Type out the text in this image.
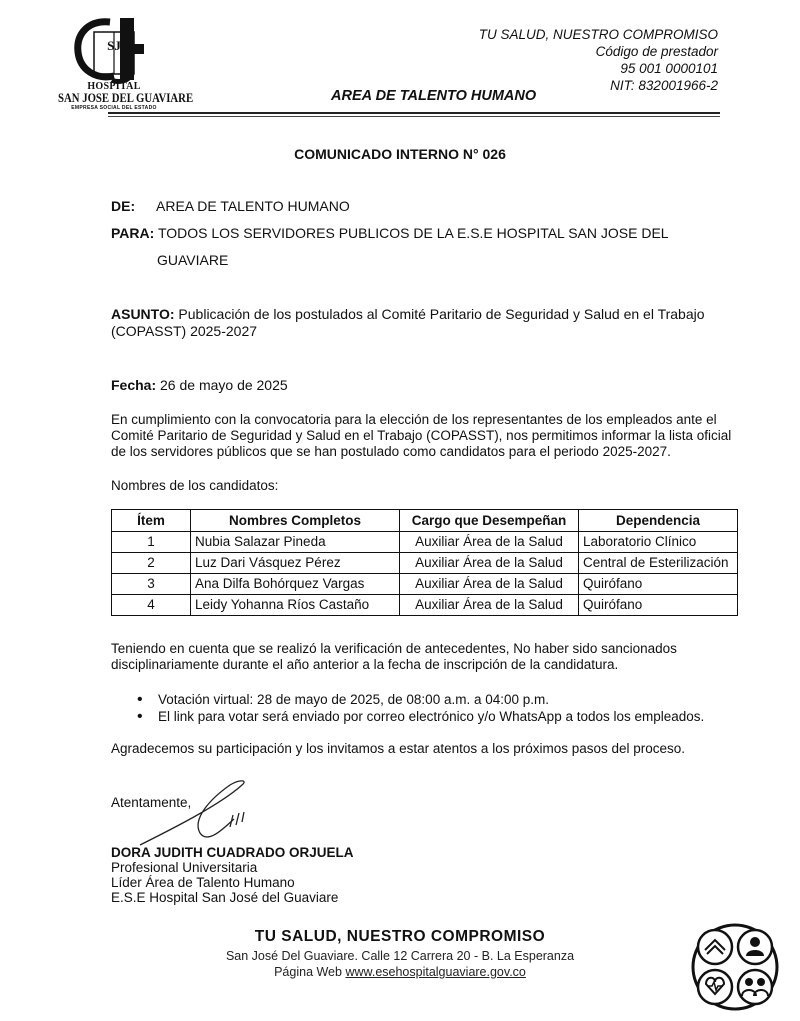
SJ
HOSPITAL
SAN JOSE DEL GUAVIARE
EMPRESA SOCIAL DEL ESTADO
TU SALUD, NUESTRO COMPROMISO
Código de prestador
95 001 0000101
NIT: 832001966-2
AREA DE TALENTO HUMANO
COMUNICADO INTERNO N° 026
DE: AREA DE TALENTO HUMANO
PARA: TODOS LOS SERVIDORES PUBLICOS DE LA E.S.E HOSPITAL SAN JOSE DEL
GUAVIARE
ASUNTO: Publicación de los postulados al Comité Paritario de Seguridad y Salud en el Trabajo
(COPASST) 2025-2027
Fecha: 26 de mayo de 2025
En cumplimiento con la convocatoria para la elección de los representantes de los empleados ante el
Comité Paritario de Seguridad y Salud en el Trabajo (COPASST), nos permitimos informar la lista oficial
de los servidores públicos que se han postulado como candidatos para el periodo 2025-2027.
Nombres de los candidatos:
Ítem	Nombres Completos	Cargo que Desempeñan	Dependencia
1	Nubia Salazar Pineda	Auxiliar Área de la Salud	Laboratorio Clínico
2	Luz Dari Vásquez Pérez	Auxiliar Área de la Salud	Central de Esterilización
3	Ana Dilfa Bohórquez Vargas	Auxiliar Área de la Salud	Quirófano
4	Leidy Yohanna Ríos Castaño	Auxiliar Área de la Salud	Quirófano
Teniendo en cuenta que se realizó la verificación de antecedentes, No haber sido sancionados
disciplinariamente durante el año anterior a la fecha de inscripción de la candidatura.
• Votación virtual: 28 de mayo de 2025, de 08:00 a.m. a 04:00 p.m.
• El link para votar será enviado por correo electrónico y/o WhatsApp a todos los empleados.
Agradecemos su participación y los invitamos a estar atentos a los próximos pasos del proceso.
Atentamente,
DORA JUDITH CUADRADO ORJUELA
Profesional Universitaria
Líder Área de Talento Humano
E.S.E Hospital San José del Guaviare
TU SALUD, NUESTRO COMPROMISO
San José Del Guaviare. Calle 12 Carrera 20 - B. La Esperanza
Página Web www.esehospitalguaviare.gov.co
